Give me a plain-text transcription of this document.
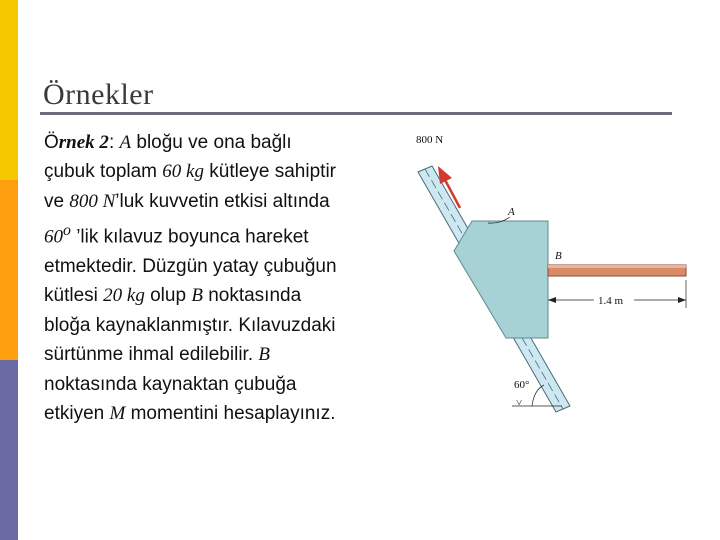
Örnekler
Örnek 2: A bloğu ve ona bağlı
çubuk toplam 60 kg kütleye sahiptir
ve 800 N’luk kuvvetin etkisi altında
60$^o$ ’lik kılavuz boyunca hareket
etmektedir. Düzgün yatay çubuğun
kütlesi 20 kg olup B noktasında
bloğa kaynaklanmıştır. Kılavuzdaki
sürtünme ihmal edilebilir. B
noktasında kaynaktan çubuğa
etkiyen M momentini hesaplayınız.
800 N
A
B
1.4 m
60°
˅
